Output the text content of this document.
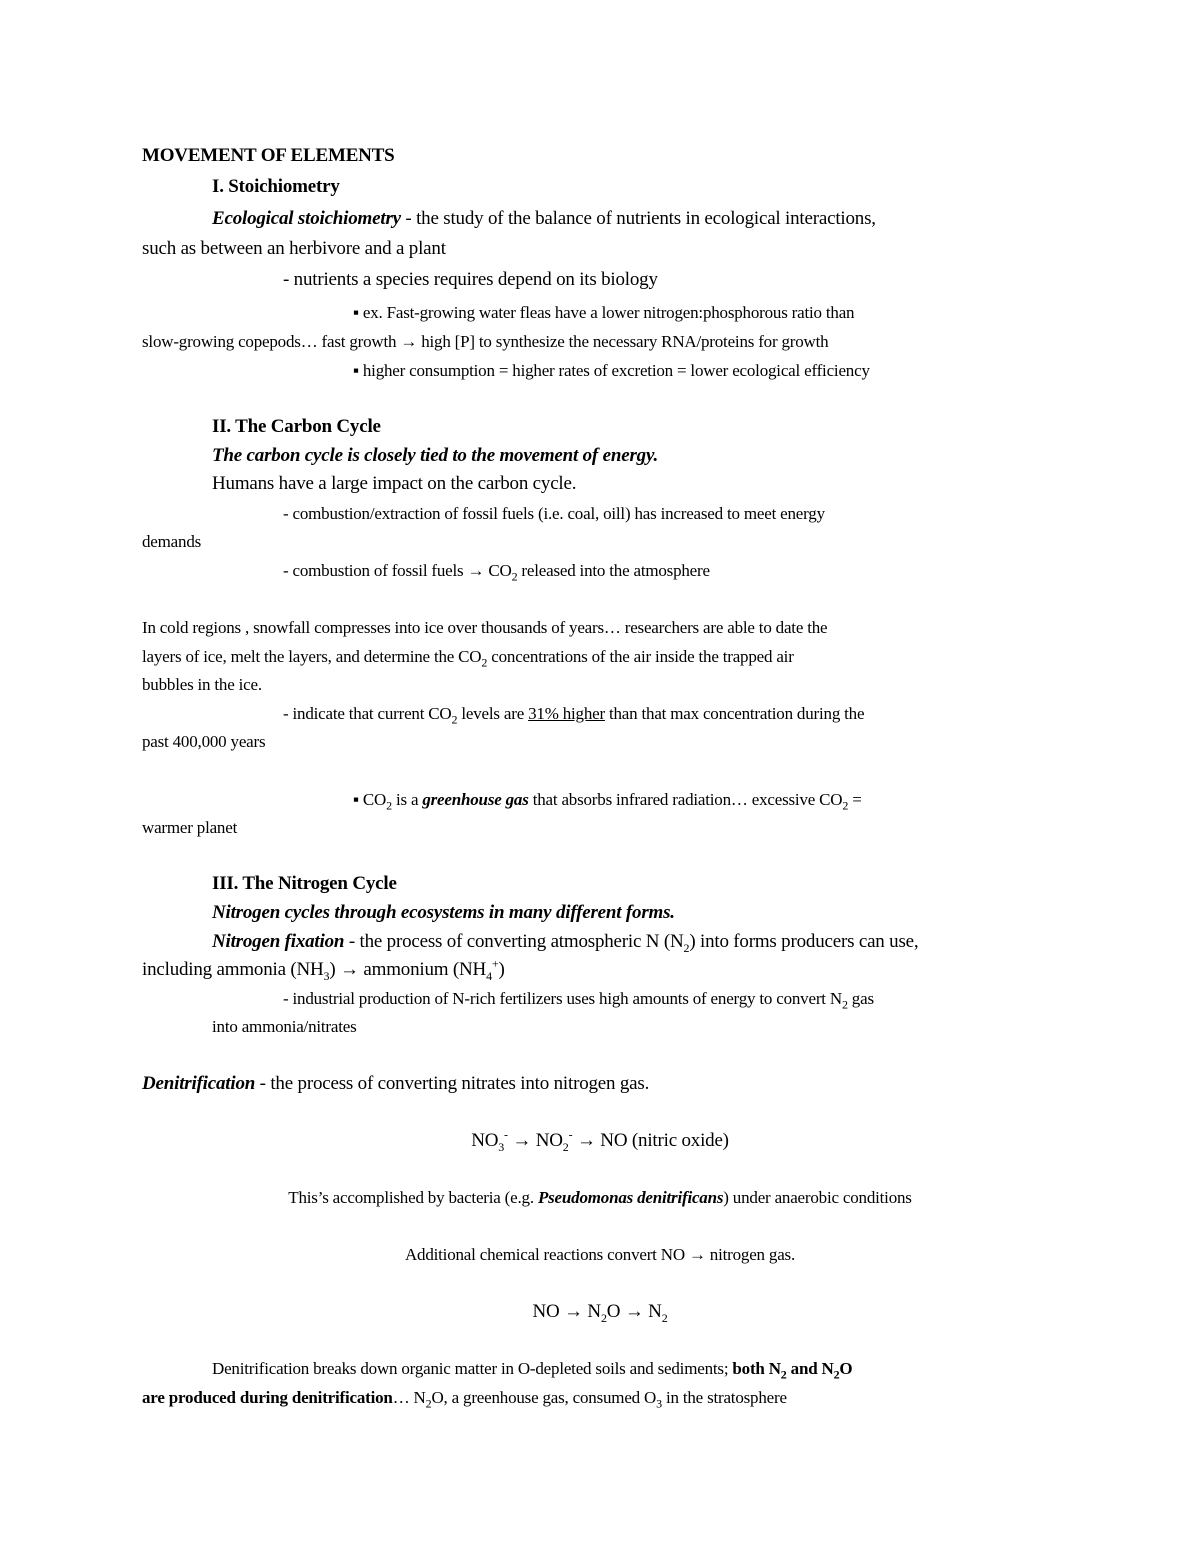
MOVEMENT OF ELEMENTS
I. Stoichiometry
Ecological stoichiometry - the study of the balance of nutrients in ecological interactions,
such as between an herbivore and a plant
- nutrients a species requires depend on its biology
▪ ex. Fast-growing water fleas have a lower nitrogen:phosphorous ratio than
slow-growing copepods… fast growth → high [P] to synthesize the necessary RNA/proteins for growth
▪ higher consumption = higher rates of excretion = lower ecological efficiency
II. The Carbon Cycle
The carbon cycle is closely tied to the movement of energy.
Humans have a large impact on the carbon cycle.
- combustion/extraction of fossil fuels (i.e. coal, oill) has increased to meet energy
demands
- combustion of fossil fuels → $CO_2$ released into the atmosphere
In cold regions , snowfall compresses into ice over thousands of years… researchers are able to date the
layers of ice, melt the layers, and determine the $CO_2$ concentrations of the air inside the trapped air
bubbles in the ice.
- indicate that current $CO_2$ levels are 31% higher than that max concentration during the
past 400,000 years
▪ $CO_2$ is a greenhouse gas that absorbs infrared radiation… excessive $CO_2$ =
warmer planet
III. The Nitrogen Cycle
Nitrogen cycles through ecosystems in many different forms.
Nitrogen fixation - the process of converting atmospheric N $(N_2)$ into forms producers can use,
including ammonia $(NH_3)$ → ammonium $(NH_4^+)$
- industrial production of N-rich fertilizers uses high amounts of energy to convert $N_2$ gas
into ammonia/nitrates
Denitrification - the process of converting nitrates into nitrogen gas.
$NO_3^- \to NO_2^-$ → NO (nitric oxide)
This’s accomplished by bacteria (e.g. Pseudomonas denitrificans) under anaerobic conditions
Additional chemical reactions convert NO → nitrogen gas.
NO → $N_2O \to N_2$
Denitrification breaks down organic matter in O-depleted soils and sediments; both $N_2$ and $N_2O$
are produced during denitrification… $N_2O$, a greenhouse gas, consumed $O_3$ in the stratosphere
